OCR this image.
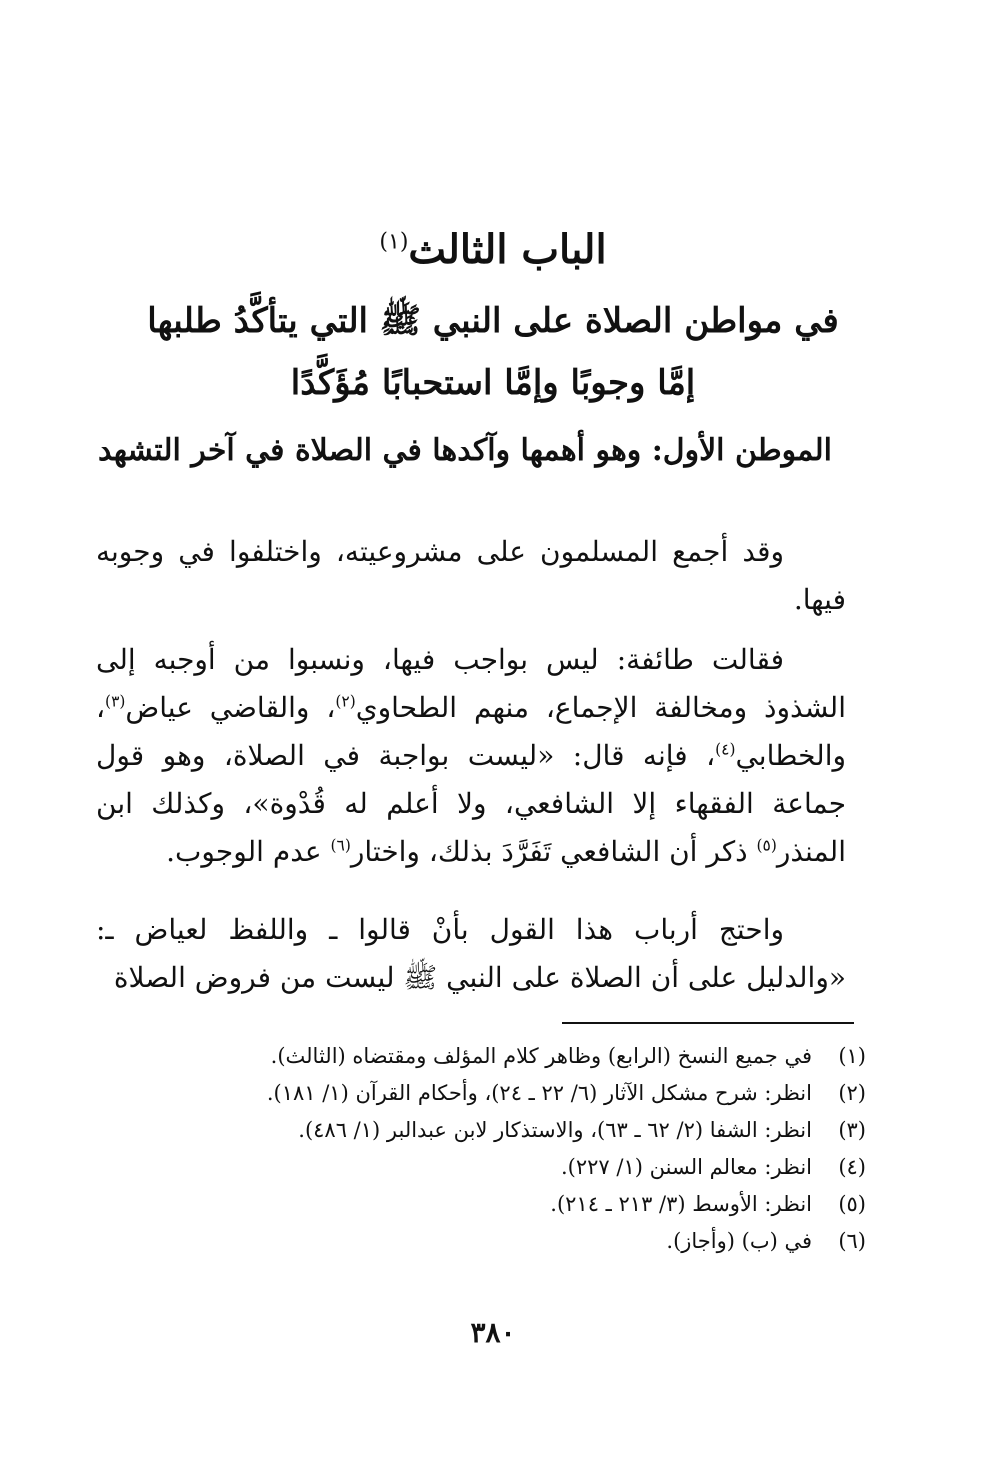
الباب الثالث$^{(١)}$
في مواطن الصلاة على النبي ﷺ التي يتأكَّدُ طلبها
إمَّا وجوبًا وإمَّا استحبابًا مُؤَكَّدًا
الموطن الأول: وهو أهمها وآكدها في الصلاة في آخر التشهد

وقد أجمع المسلمون على مشروعيته، واختلفوا في وجوبه فيها.

فقالت طائفة: ليس بواجب فيها، ونسبوا من أوجبه إلى الشذوذ ومخالفة الإجماع، منهم الطحاوي$^{(٢)}$، والقاضي عياض$^{(٣)}$، والخطابي$^{(٤)}$، فإنه قال: «ليست بواجبة في الصلاة، وهو قول جماعة الفقهاء إلا الشافعي، ولا أعلم له قُدْوة»، وكذلك ابن المنذر$^{(٥)}$ ذكر أن الشافعي تَفَرَّدَ بذلك، واختار$^{(٦)}$ عدم الوجوب.

واحتج أرباب هذا القول بأنْ قالوا ـ واللفظ لعياض ـ: «والدليل على أن الصلاة على النبي ﷺ ليست من فروض الصلاة

(١)في جميع النسخ (الرابع) وظاهر كلام المؤلف ومقتضاه (الثالث).
(٢)انظر: شرح مشكل الآثار (٦/ ٢٢ ـ ٢٤)، وأحكام القرآن (١/ ١٨١).
(٣)انظر: الشفا (٢/ ٦٢ ـ ٦٣)، والاستذكار لابن عبدالبر (١/ ٤٨٦).
(٤)انظر: معالم السنن (١/ ٢٢٧).
(٥)انظر: الأوسط (٣/ ٢١٣ ـ ٢١٤).
(٦)في (ب) (وأجاز).
٣٨٠
